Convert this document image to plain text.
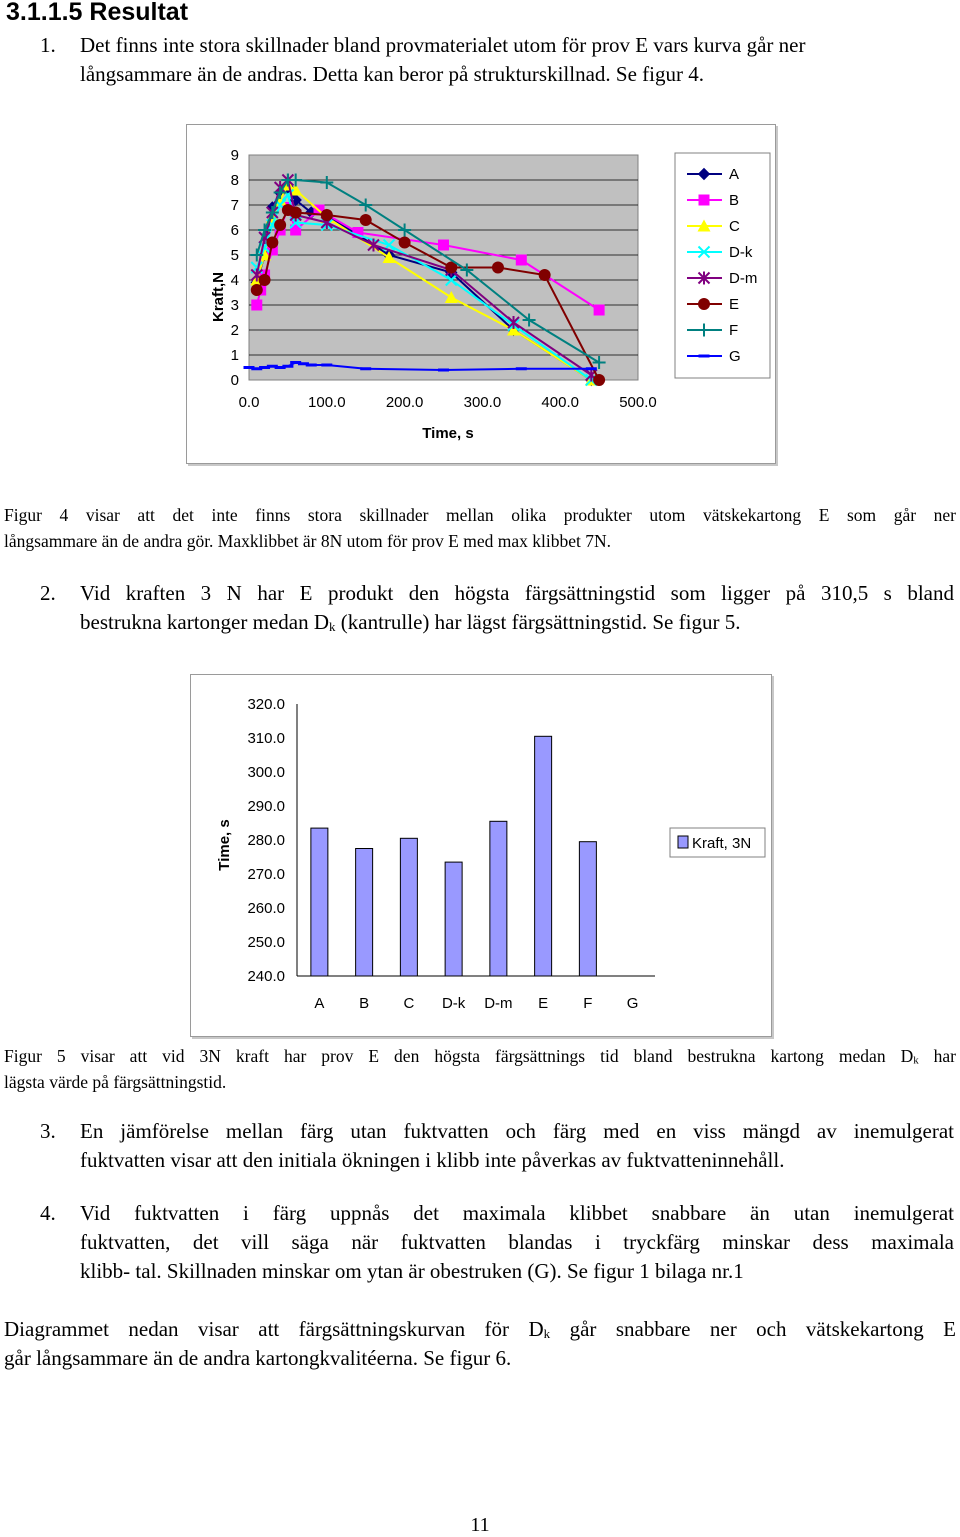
3.1.1.5 Resultat
1. Det finns inte stora skillnader bland provmaterialet utom för prov E vars kurva går ner
långsammare än de andras. Detta kan beror på strukturskillnad. Se figur 4.
0
1
2
3
4
5
6
7
8
9
0.0	100.0	200.0	300.0	400.0	500.0
Kraft,N
Time, s
A
B
C
D-k
D-m
E
F
G
Figur 4 visar att det inte finns stora skillnader mellan olika produkter utom vätskekartong E som går ner
långsammare än de andra gör. Maxklibbet är 8N utom för prov E med max klibbet 7N.
2. Vid kraften 3 N har E produkt den högsta färgsättningstid som ligger på 310,5 s bland
bestrukna kartonger medan $D_k$ (kantrulle) har lägst färgsättningstid. Se figur 5.
240.0
250.0
260.0
270.0
280.0
290.0
300.0
310.0
320.0
A B C D-k D-m E F G
Time, s	Kraft, 3N
Figur 5 visar att vid 3N kraft har prov E den högsta färgsättnings tid bland bestrukna kartong medan $D_k$ har
lägsta värde på färgsättningstid.
3. En jämförelse mellan färg utan fuktvatten och färg med en viss mängd av inemulgerat
fuktvatten visar att den initiala ökningen i klibb inte påverkas av fuktvatteninnehåll.
4. Vid fuktvatten i färg uppnås det maximala klibbet snabbare än utan inemulgerat
fuktvatten, det vill säga när fuktvatten blandas i tryckfärg minskar dess maximala
klibb- tal. Skillnaden minskar om ytan är obestruken (G). Se figur 1 bilaga nr.1
Diagrammet nedan visar att färgsättningskurvan för $D_k$ går snabbare ner och vätskekartong E
går långsammare än de andra kartongkvalitéerna. Se figur 6.
11
